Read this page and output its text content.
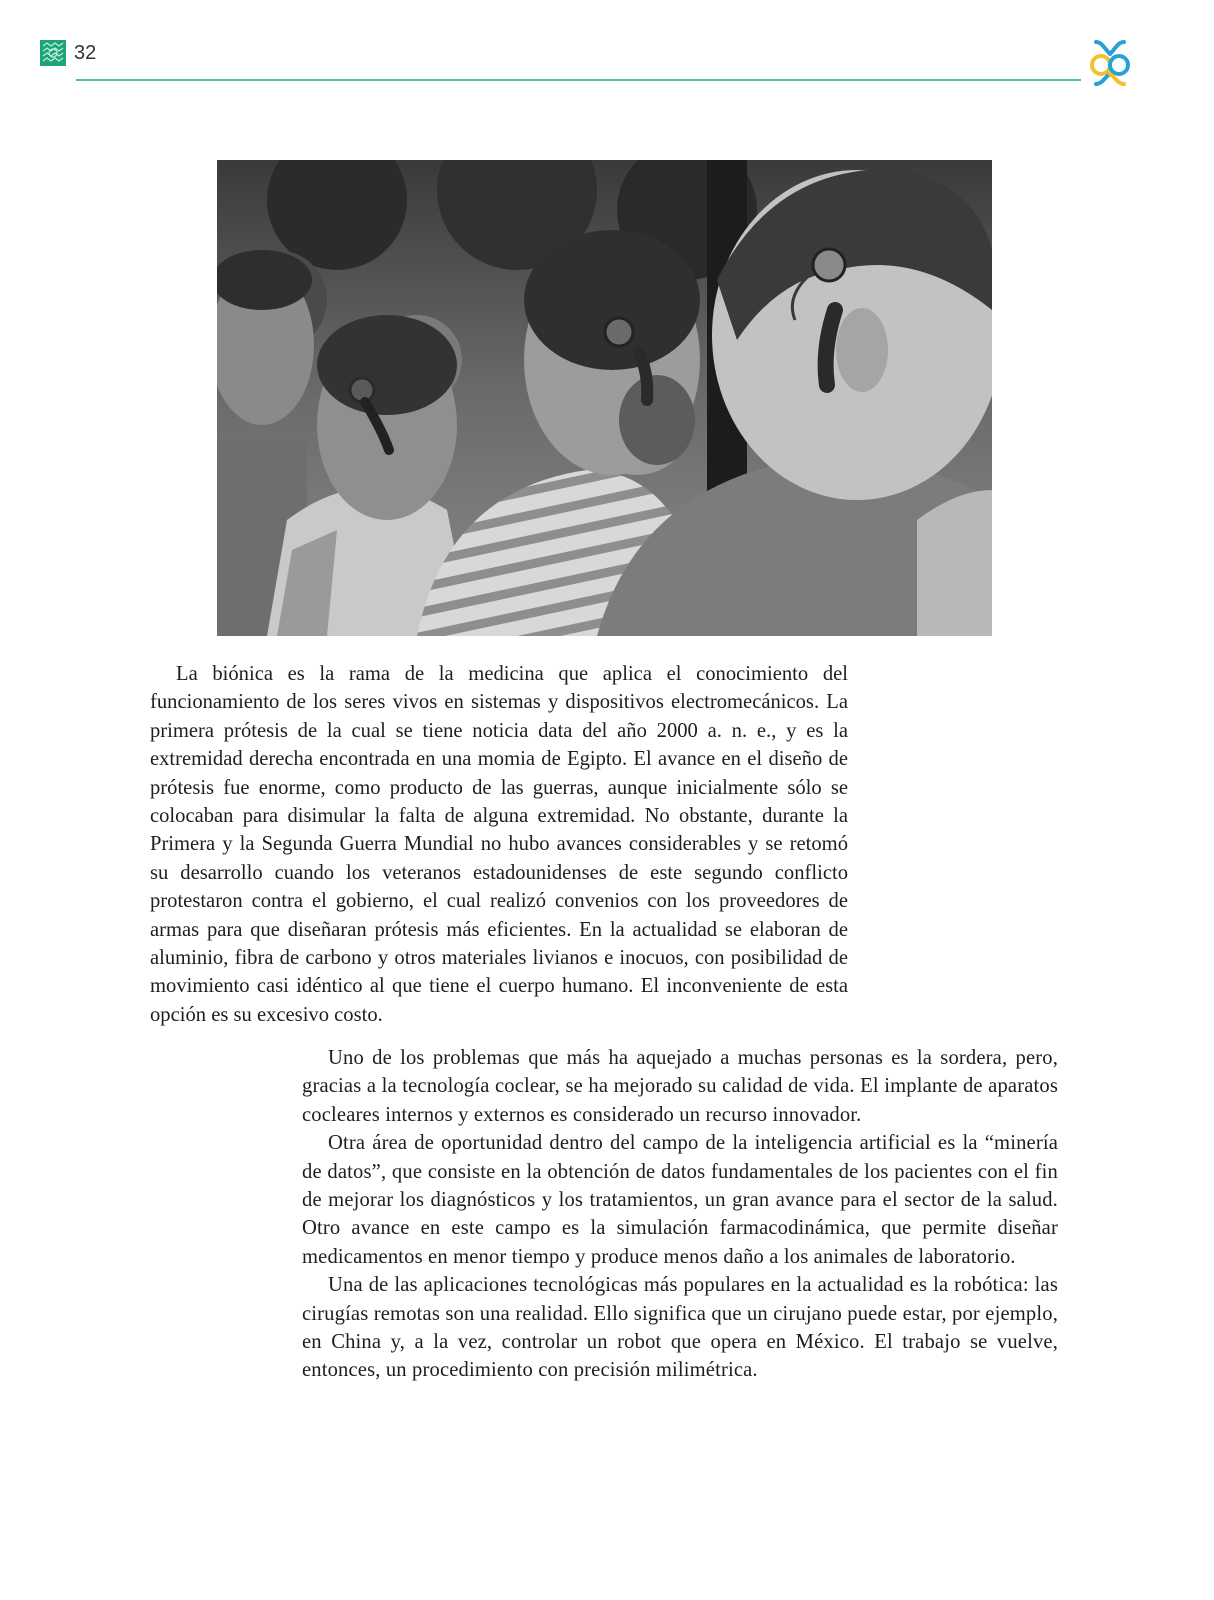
32

La biónica es la rama de la medicina que aplica el conocimiento del funcionamiento de los seres vivos en sistemas y dispositivos electromecánicos. La primera prótesis de la cual se tiene noticia data del año 2000 a. n. e., y es la extremidad derecha encontrada en una momia de Egipto. El avance en el diseño de prótesis fue enorme, como producto de las guerras, aunque inicialmente sólo se colocaban para disimular la falta de alguna extremidad. No obstante, durante la Primera y la Segunda Guerra Mundial no hubo avances considerables y se retomó su desarrollo cuando los veteranos estadounidenses de este segundo conflicto protestaron contra el gobierno, el cual realizó convenios con los proveedores de armas para que diseñaran prótesis más eficientes. En la actualidad se elaboran de aluminio, fibra de carbono y otros materiales livianos e inocuos, con posibilidad de movimiento casi idéntico al que tiene el cuerpo humano. El inconveniente de esta opción es su excesivo costo.

Uno de los problemas que más ha aquejado a muchas personas es la sordera, pero, gracias a la tecnología coclear, se ha mejorado su calidad de vida. El implante de aparatos cocleares internos y externos es considerado un recurso innovador.

Otra área de oportunidad dentro del campo de la inteligencia artificial es la “minería de datos”, que consiste en la obtención de datos fundamentales de los pacientes con el fin de mejorar los diagnósticos y los tratamientos, un gran avance para el sector de la salud. Otro avance en este campo es la simulación farmacodinámica, que permite diseñar medicamentos en menor tiempo y produce menos daño a los animales de laboratorio.

Una de las aplicaciones tecnológicas más populares en la actualidad es la robótica: las cirugías remotas son una realidad. Ello significa que un cirujano puede estar, por ejemplo, en China y, a la vez, controlar un robot que opera en México. El trabajo se vuelve, entonces, un procedimiento con precisión milimétrica.
